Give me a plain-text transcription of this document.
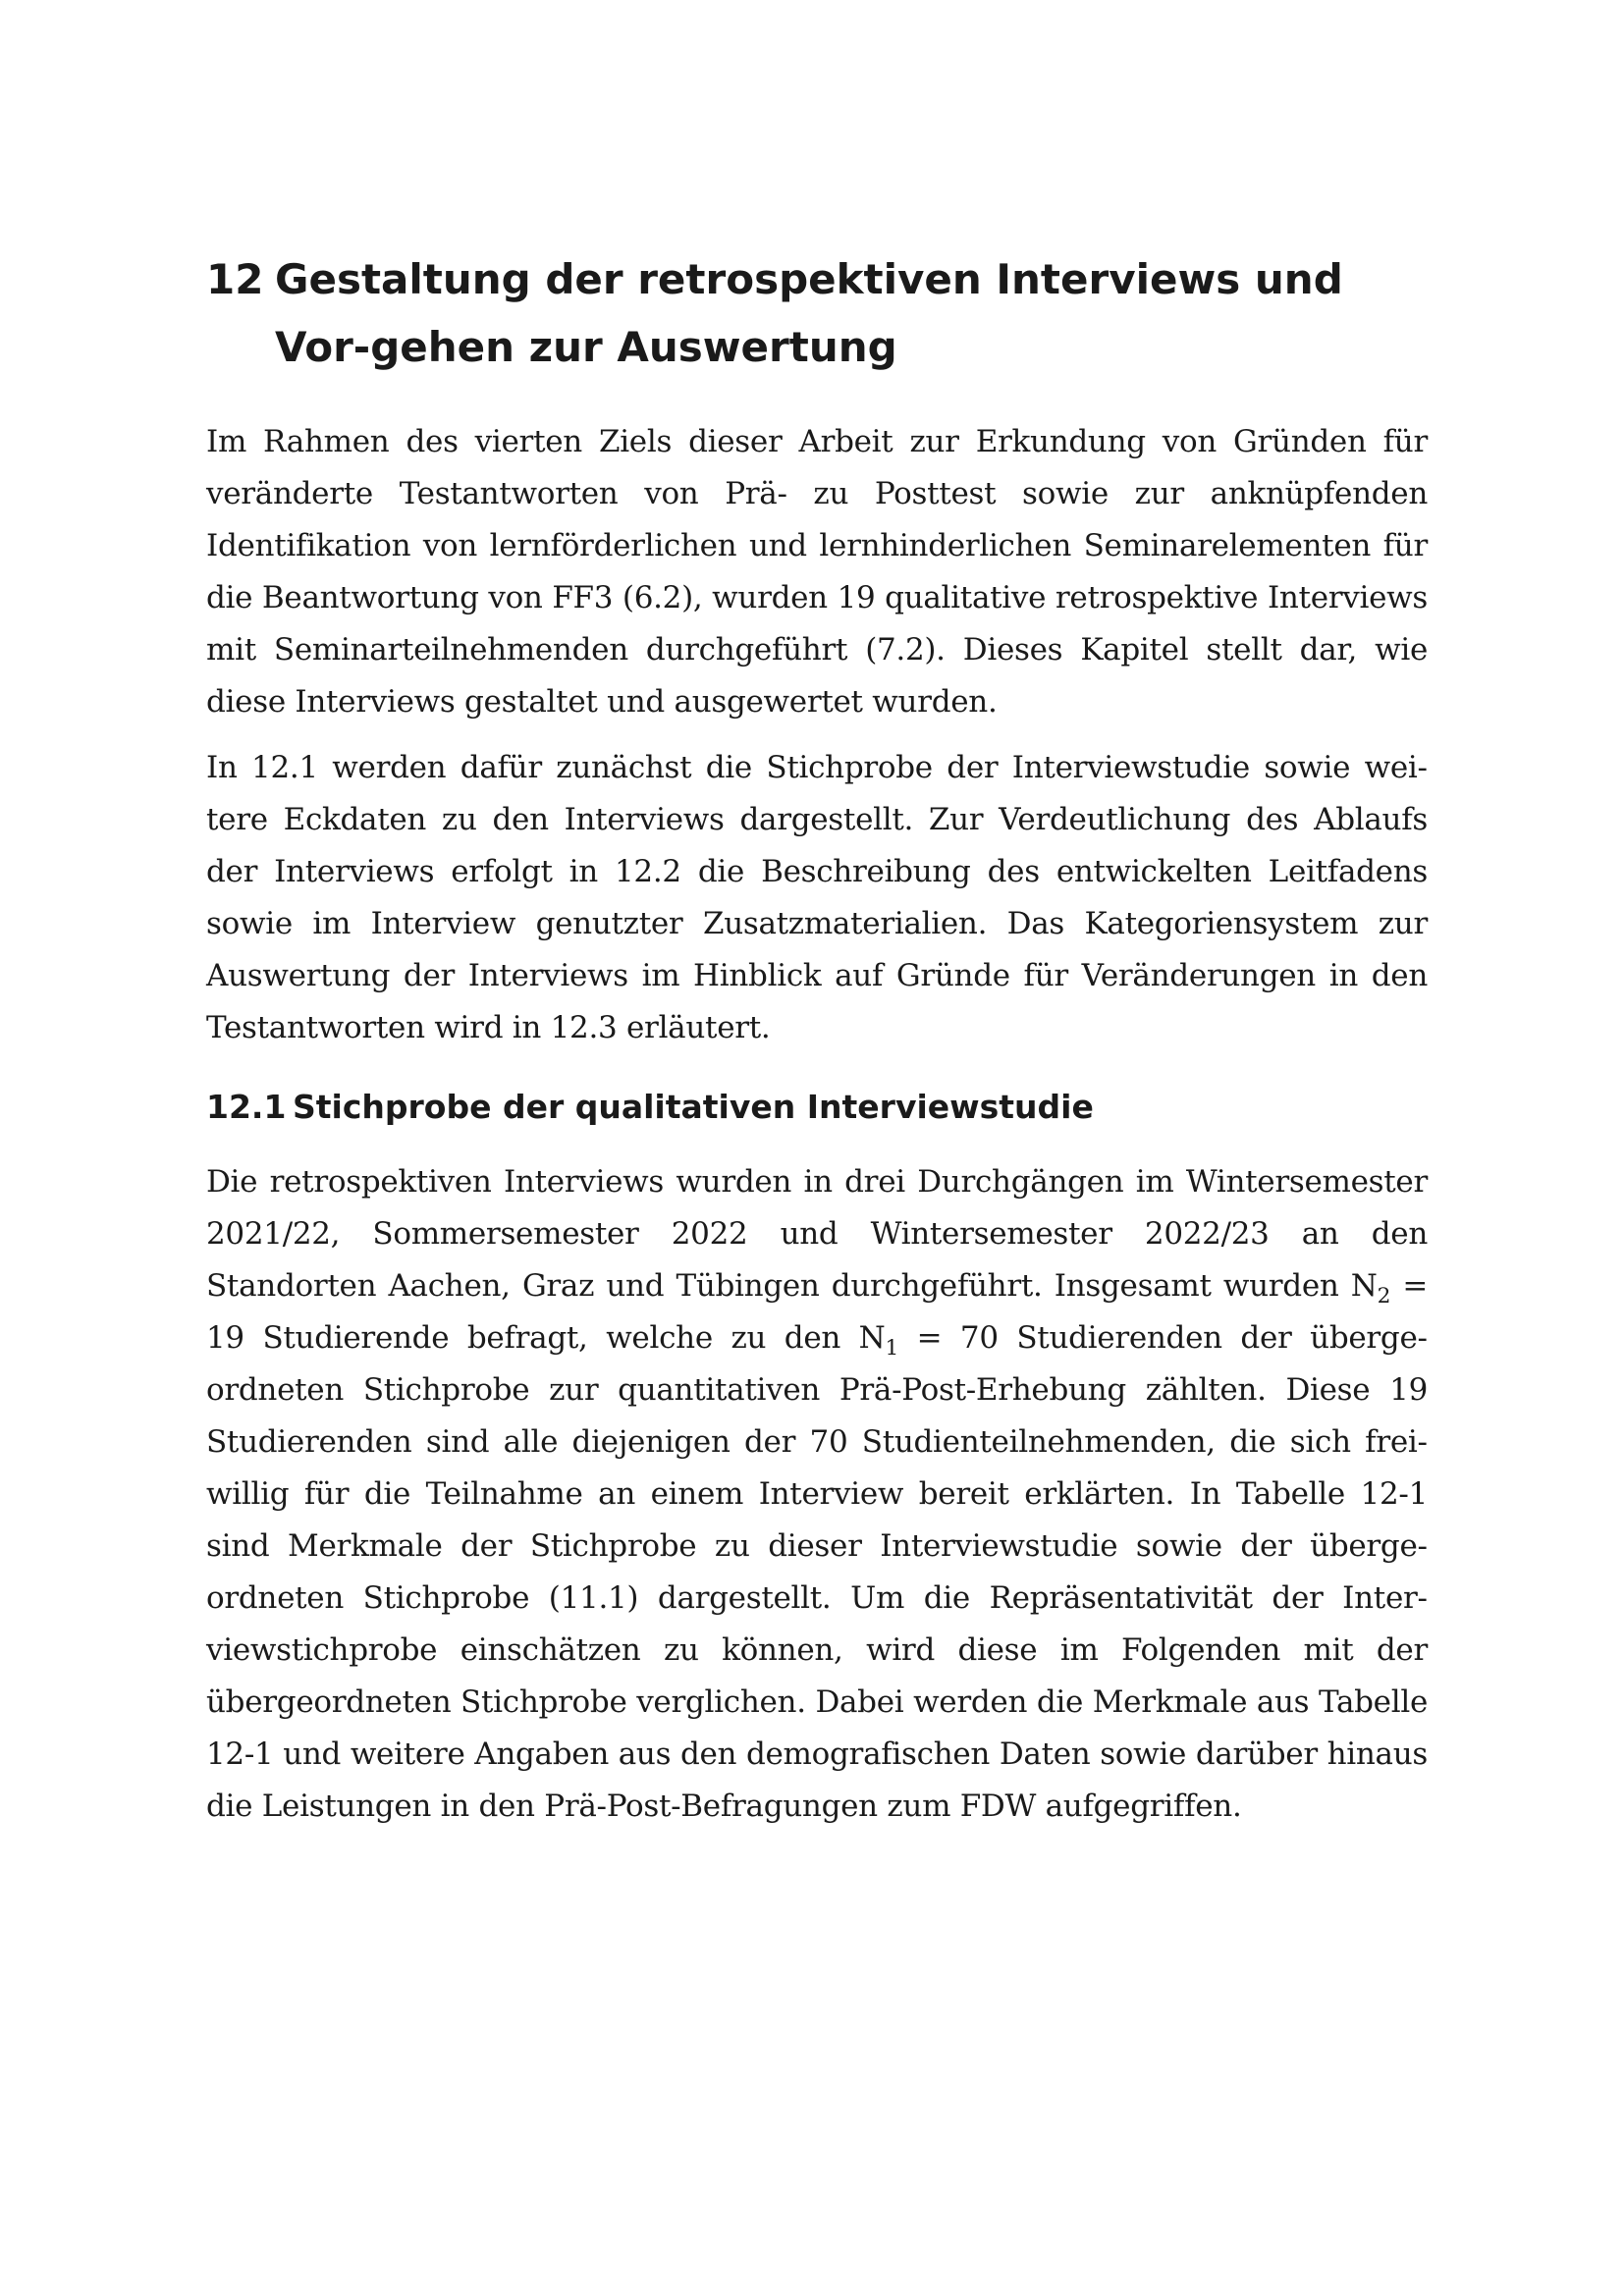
12 Gestaltung der retrospektiven Interviews und Vor-gehen zur Auswertung

Im Rahmen des vierten Ziels dieser Arbeit zur Erkundung von Gründen für veränderte Testantworten von Prä- zu Posttest sowie zur anknüpfenden Identifikation von lernförderlichen und lernhinderlichen Seminarelementen für die Beantwortung von FF3 (6.2), wurden 19 qualitative retrospektive Interviews mit Seminarteilnehmenden durchgeführt (7.2). Dieses Kapitel stellt dar, wie diese Interviews gestaltet und ausgewertet wurden.

In 12.1 werden dafür zunächst die Stichprobe der Interviewstudie sowie weitere Eckdaten zu den Interviews dargestellt. Zur Verdeutlichung des Ablaufs der Interviews erfolgt in 12.2 die Beschreibung des entwickelten Leitfadens sowie im Interview genutzter Zusatzmaterialien. Das Kategoriensystem zur Auswertung der Interviews im Hinblick auf Gründe für Veränderungen in den Testantworten wird in 12.3 erläutert.

12.1 Stichprobe der qualitativen Interviewstudie

Die retrospektiven Interviews wurden in drei Durchgängen im Wintersemester 2021/22, Sommersemester 2022 und Wintersemester 2022/23 an den Standorten Aachen, Graz und Tübingen durchgeführt. Insgesamt wurden $N_2 = 19$ Studierende befragt, welche zu den $N_1 = 70$ Studierenden der übergeordneten Stichprobe zur quantitativen Prä-Post-Erhebung zählten. Diese 19 Studierenden sind alle diejenigen der 70 Studienteilnehmenden, die sich freiwillig für die Teilnahme an einem Interview bereit erklärten. In Tabelle 12-1 sind Merkmale der Stichprobe zu dieser Interviewstudie sowie der übergeordneten Stichprobe (11.1) dargestellt. Um die Repräsentativität der Interviewstichprobe einschätzen zu können, wird diese im Folgenden mit der übergeordneten Stichprobe verglichen. Dabei werden die Merkmale aus Tabelle 12-1 und weitere Angaben aus den demografischen Daten sowie darüber hinaus die Leistungen in den Prä-Post-Befragungen zum FDW aufgegriffen.
